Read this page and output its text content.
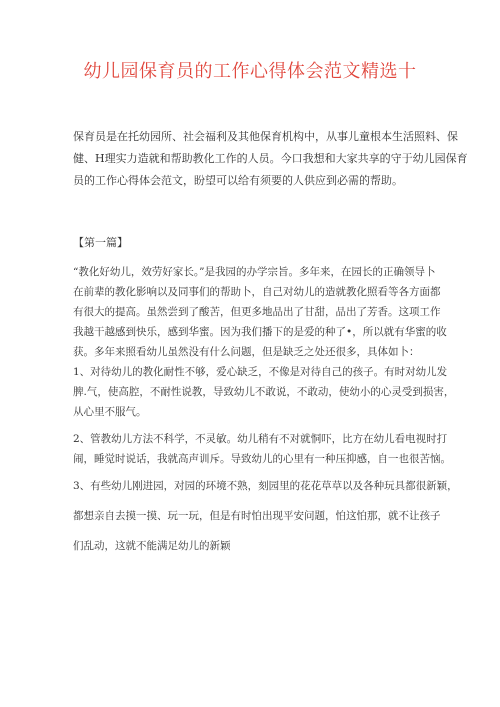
幼儿园保育员的工作心得体会范文精选十

保育员是在托幼园所、社会福利及其他保育机构中，从事儿童根本生活照料、保
健、H理实力造就和帮助教化工作的人员。今口我想和大家共享的守于幼儿园保育
员的工作心得体会范文，盼望可以给有须要的人供应到必需的帮助。

【第一篇】

“教化好幼儿，效劳好家长。”是我园的办学宗旨。多年来，在园长的正确领导卜
在前辈的教化影响以及同事们的帮助卜，自己对幼儿的造就教化照看等各方面都
有很大的提高。虽然尝到了酸苦，但更多地品出了甘甜，品出了芳香。这项工作
我越干越感到快乐，感到华蜜。因为我们播下的是爱的种了•，所以就有华蜜的收
获。多年来照看幼儿虽然没有什么问题，但是缺乏之处还很多，具体如卜：
1、对待幼儿的教化耐性不够，爱心缺乏，不像是对待自己的孩子。有时对幼儿发
脾.气，使高腔，不耐性说教，导致幼儿不敢说，不敢动，使幼小的心灵受到损害，
从心里不服气。
2、管教幼儿方法不科学，不灵敏。幼儿稍有不对就恫吓，比方在幼儿看电视时打
闹，睡觉时说话，我就高声训斥。导致幼儿的心里有一种压抑感，自一也很苦恼。
3、有些幼儿刚进园，对园的环境不熟，刻园里的花花草草以及各种玩具都很新颖，
都想亲自去摸一摸、玩一玩，但是有时怕出现平安问题，怕这怕那，就不让孩子
们乱动，这就不能满足幼儿的新颖
